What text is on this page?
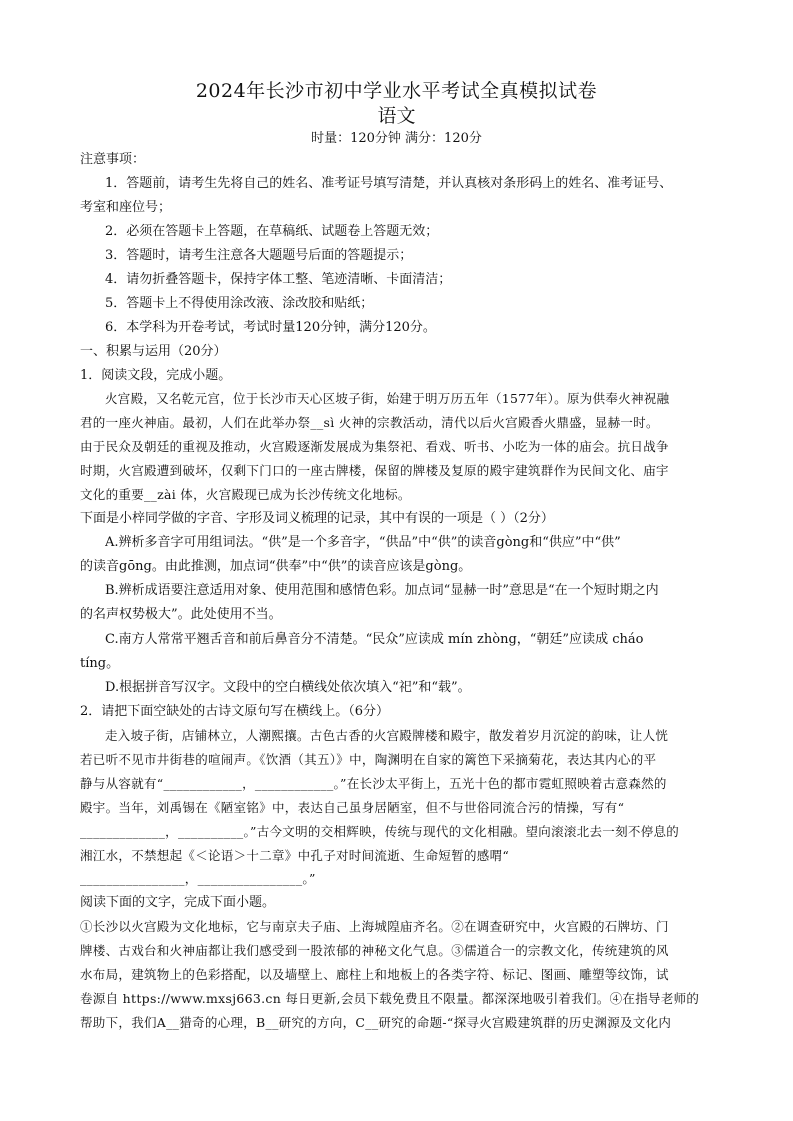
2024年长沙市初中学业水平考试全真模拟试卷
语文
时量：120分钟 满分：120分
注意事项：
1．答题前，请考生先将自己的姓名、准考证号填写清楚，并认真核对条形码上的姓名、准考证号、
考室和座位号；
2．必须在答题卡上答题，在草稿纸、试题卷上答题无效；
3．答题时，请考生注意各大题题号后面的答题提示；
4．请勿折叠答题卡，保持字体工整、笔迹清晰、卡面清洁；
5．答题卡上不得使用涂改液、涂改胶和贴纸；
6．本学科为开卷考试，考试时量120分钟，满分120分。
一、积累与运用（20分）
1．阅读文段，完成小题。
火宫殿，又名乾元宫，位于长沙市天心区坡子街，始建于明万历五年（1577年）。原为供奉火神祝融
君的一座火神庙。最初，人们在此举办祭__sì 火神的宗教活动，清代以后火宫殿香火鼎盛，显赫一时。
由于民众及朝廷的重视及推动，火宫殿逐渐发展成为集祭祀、看戏、听书、小吃为一体的庙会。抗日战争
时期，火宫殿遭到破坏，仅剩下门口的一座古牌楼，保留的牌楼及复原的殿宇建筑群作为民间文化、庙宇
文化的重要__zài 体，火宫殿现已成为长沙传统文化地标。
下面是小梓同学做的字音、字形及词义梳理的记录，其中有误的一项是（ ）（2分）
A.辨析多音字可用组词法。“供”是一个多音字，“供品”中“供”的读音gòng和“供应”中“供”
的读音gōng。由此推测，加点词“供奉”中“供”的读音应该是gòng。
B.辨析成语要注意适用对象、使用范围和感情色彩。加点词“显赫一时”意思是“在一个短时期之内
的名声权势极大”。此处使用不当。
C.南方人常常平翘舌音和前后鼻音分不清楚。“民众”应读成 mín zhòng，“朝廷”应读成 cháo
tíng。
D.根据拼音写汉字。文段中的空白横线处依次填入“祀”和“载”。
2．请把下面空缺处的古诗文原句写在横线上。（6分）
走入坡子街，店铺林立，人潮熙攘。古色古香的火宫殿牌楼和殿宇，散发着岁月沉淀的韵味，让人恍
若已听不见市井街巷的喧闹声。《饮酒（其五）》中，陶渊明在自家的篱笆下采摘菊花，表达其内心的平
静与从容就有“____________，____________。”在长沙太平街上，五光十色的都市霓虹照映着古意森然的
殿宇。当年，刘禹锡在《陋室铭》中，表达自己虽身居陋室，但不与世俗同流合污的情操，写有“
_____________，__________。”古今文明的交相辉映，传统与现代的文化相融。望向滚滚北去一刻不停息的
湘江水，不禁想起《＜论语＞十二章》中孔子对时间流逝、生命短暂的感喟“
________________，________________。”
阅读下面的文字，完成下面小题。
①长沙以火宫殿为文化地标，它与南京夫子庙、上海城隍庙齐名。②在调查研究中，火宫殿的石牌坊、门
牌楼、古戏台和火神庙都让我们感受到一股浓郁的神秘文化气息。③儒道合一的宗教文化，传统建筑的风
水布局，建筑物上的色彩搭配，以及墙壁上、廊柱上和地板上的各类字符、标记、图画、雕塑等纹饰，试
卷源自 https://www.mxsj663.cn 每日更新,会员下载免费且不限量。都深深地吸引着我们。④在指导老师的
帮助下，我们A__猎奇的心理，B__研究的方向，C__研究的命题-“探寻火宫殿建筑群的历史渊源及文化内
